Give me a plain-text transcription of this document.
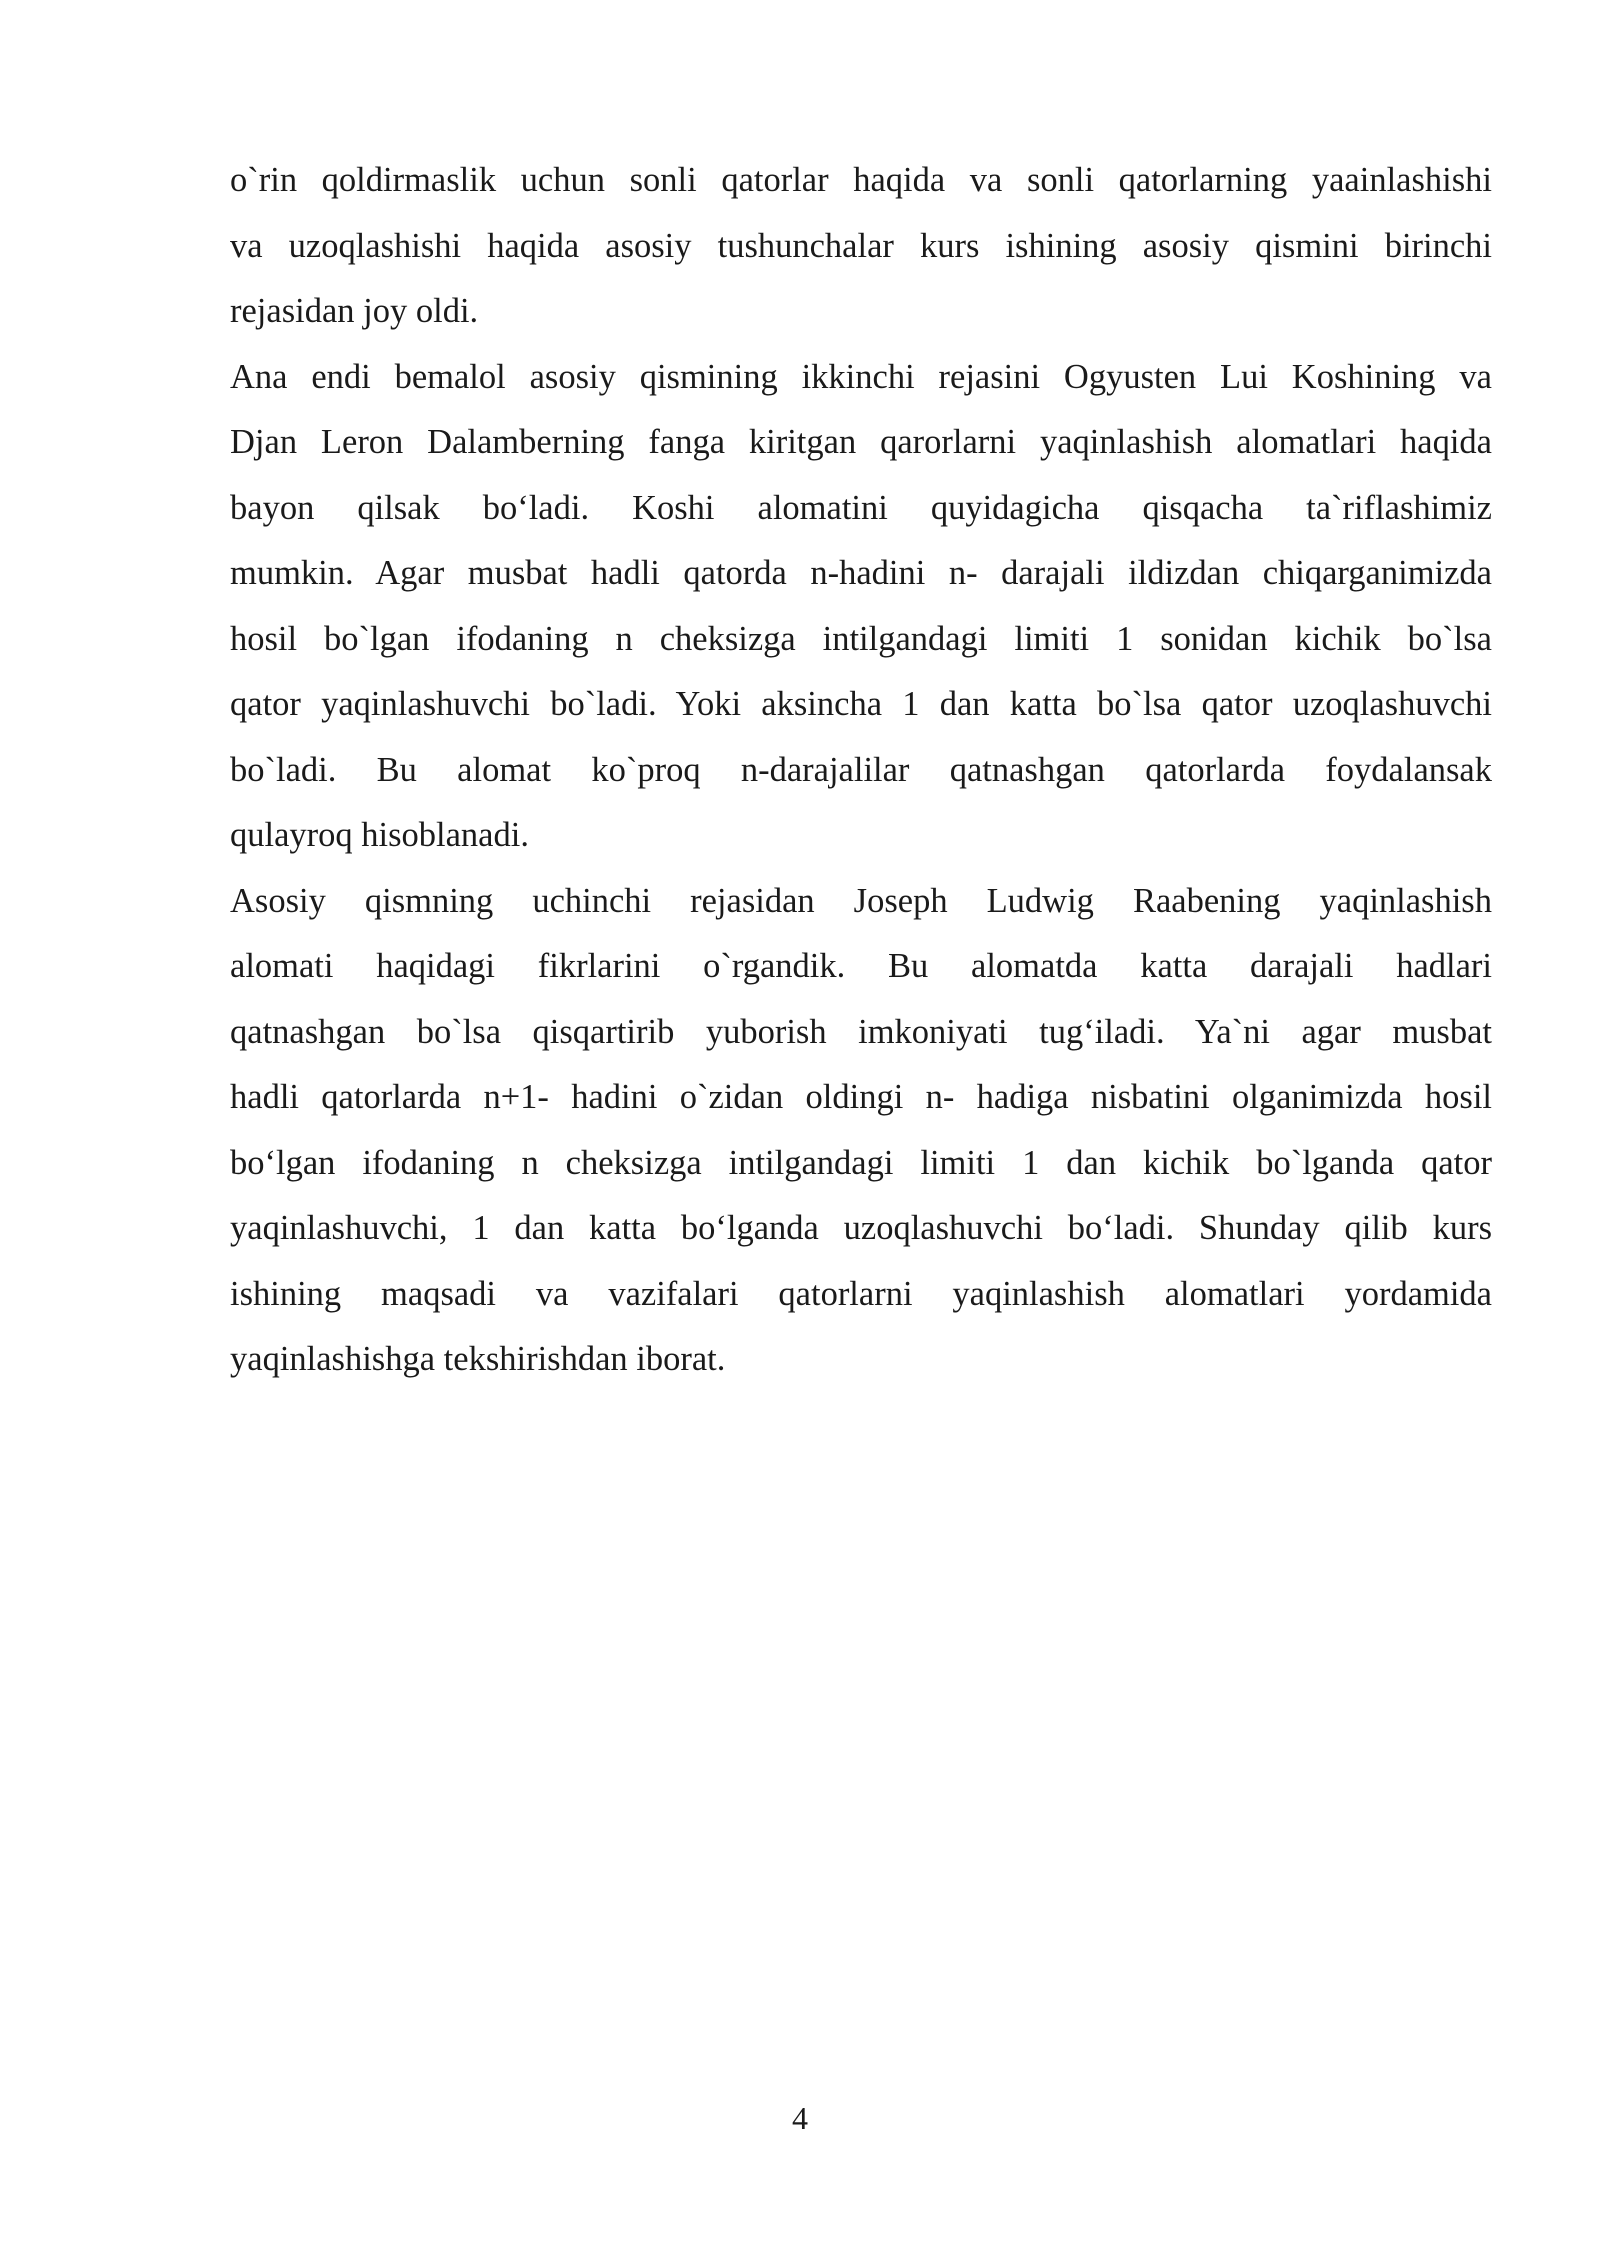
o`rin qoldirmaslik uchun sonli qatorlar haqida va sonli qatorlarning yaainlashishi
va uzoqlashishi haqida asosiy tushunchalar kurs ishining asosiy qismini birinchi
rejasidan joy oldi.

Ana endi bemalol asosiy qismining ikkinchi rejasini Ogyusten Lui Koshining va
Djan Leron Dalamberning fanga kiritgan qarorlarni yaqinlashish alomatlari haqida
bayon qilsak bo‘ladi. Koshi alomatini quyidagicha qisqacha ta`riflashimiz
mumkin. Agar musbat hadli qatorda n-hadini n- darajali ildizdan chiqarganimizda
hosil bo`lgan ifodaning n cheksizga intilgandagi limiti 1 sonidan kichik bo`lsa
qator yaqinlashuvchi bo`ladi. Yoki aksincha 1 dan katta bo`lsa qator uzoqlashuvchi
bo`ladi. Bu alomat ko`proq n-darajalilar qatnashgan qatorlarda foydalansak
qulayroq hisoblanadi.

Asosiy qismning uchinchi rejasidan Joseph Ludwig Raabening yaqinlashish
alomati haqidagi fikrlarini o`rgandik. Bu alomatda katta darajali hadlari
qatnashgan bo`lsa qisqartirib yuborish imkoniyati tug‘iladi. Ya`ni agar musbat
hadli qatorlarda n+1- hadini o`zidan oldingi n- hadiga nisbatini olganimizda hosil
bo‘lgan ifodaning n cheksizga intilgandagi limiti 1 dan kichik bo`lganda qator
yaqinlashuvchi, 1 dan katta bo‘lganda uzoqlashuvchi bo‘ladi. Shunday qilib kurs
ishining maqsadi va vazifalari qatorlarni yaqinlashish alomatlari yordamida
yaqinlashishga tekshirishdan iborat.

4
